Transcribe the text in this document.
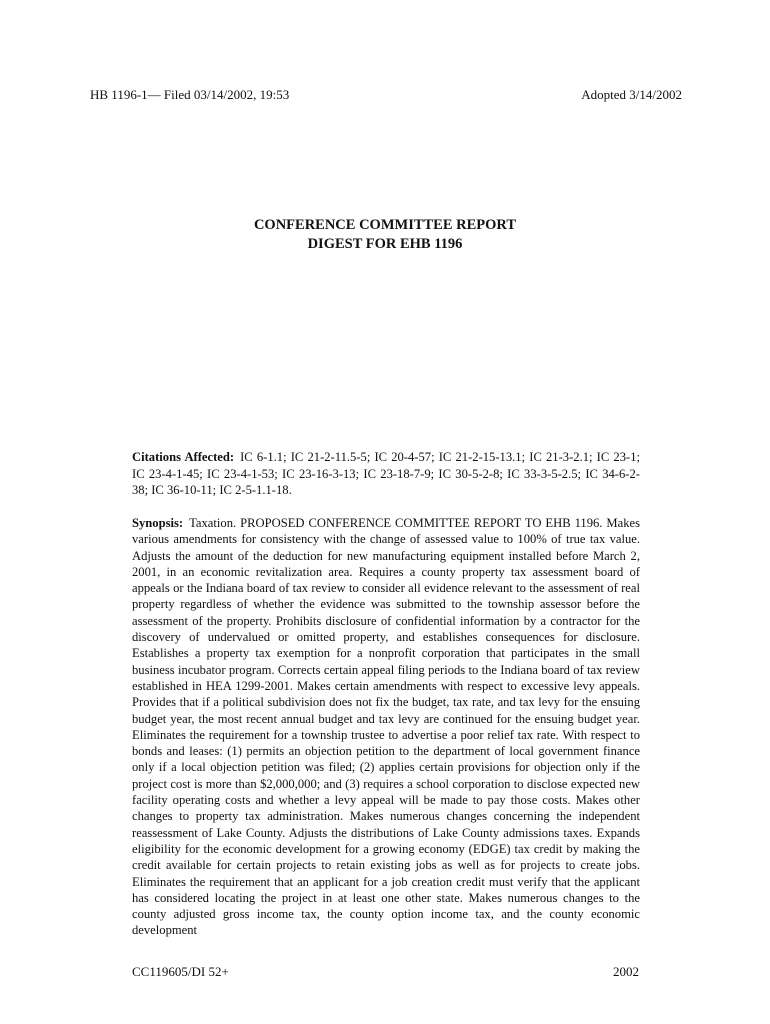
HB 1196-1— Filed 03/14/2002, 19:53	Adopted 3/14/2002
CONFERENCE COMMITTEE REPORT
DIGEST FOR EHB 1196
Citations Affected: IC 6-1.1; IC 21-2-11.5-5; IC 20-4-57; IC 21-2-15-13.1; IC 21-3-2.1; IC 23-1; IC 23-4-1-45; IC 23-4-1-53; IC 23-16-3-13; IC 23-18-7-9; IC 30-5-2-8; IC 33-3-5-2.5; IC 34-6-2-38; IC 36-10-11; IC 2-5-1.1-18.
Synopsis: Taxation. PROPOSED CONFERENCE COMMITTEE REPORT TO EHB 1196. Makes various amendments for consistency with the change of assessed value to 100% of true tax value. Adjusts the amount of the deduction for new manufacturing equipment installed before March 2, 2001, in an economic revitalization area. Requires a county property tax assessment board of appeals or the Indiana board of tax review to consider all evidence relevant to the assessment of real property regardless of whether the evidence was submitted to the township assessor before the assessment of the property. Prohibits disclosure of confidential information by a contractor for the discovery of undervalued or omitted property, and establishes consequences for disclosure. Establishes a property tax exemption for a nonprofit corporation that participates in the small business incubator program. Corrects certain appeal filing periods to the Indiana board of tax review established in HEA 1299-2001. Makes certain amendments with respect to excessive levy appeals. Provides that if a political subdivision does not fix the budget, tax rate, and tax levy for the ensuing budget year, the most recent annual budget and tax levy are continued for the ensuing budget year. Eliminates the requirement for a township trustee to advertise a poor relief tax rate. With respect to bonds and leases: (1) permits an objection petition to the department of local government finance only if a local objection petition was filed; (2) applies certain provisions for objection only if the project cost is more than $2,000,000; and (3) requires a school corporation to disclose expected new facility operating costs and whether a levy appeal will be made to pay those costs. Makes other changes to property tax administration. Makes numerous changes concerning the independent reassessment of Lake County. Adjusts the distributions of Lake County admissions taxes. Expands eligibility for the economic development for a growing economy (EDGE) tax credit by making the credit available for certain projects to retain existing jobs as well as for projects to create jobs. Eliminates the requirement that an applicant for a job creation credit must verify that the applicant has considered locating the project in at least one other state. Makes numerous changes to the county adjusted gross income tax, the county option income tax, and the county economic development
CC119605/DI 52+	2002
